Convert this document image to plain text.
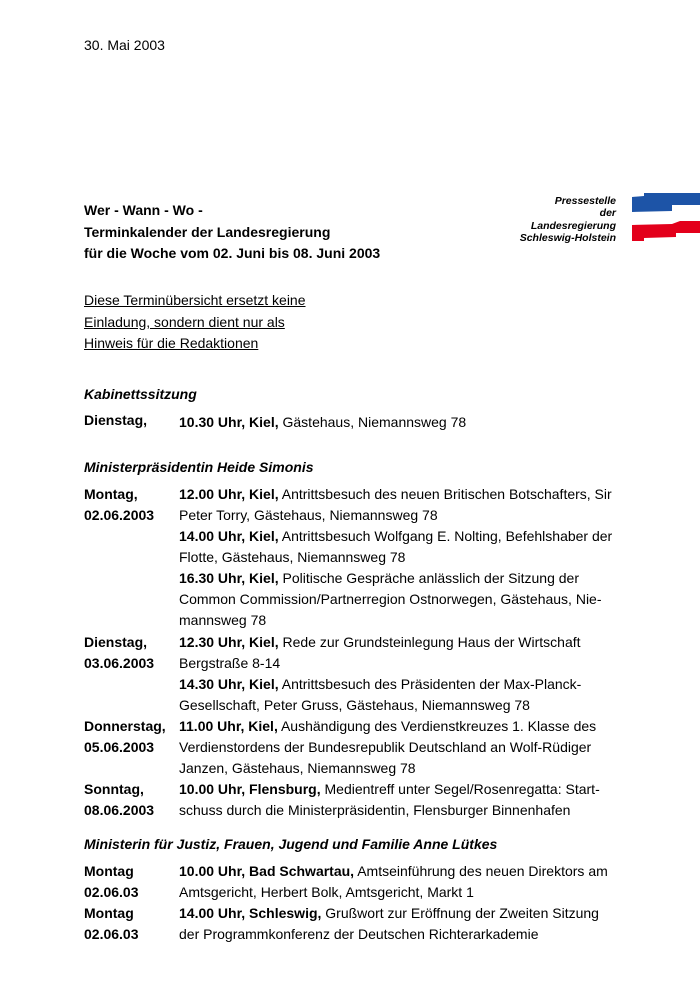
30. Mai 2003
Wer - Wann - Wo -
Terminkalender der Landesregierung
für die Woche vom 02. Juni bis 08. Juni 2003
Pressestelle
der
Landesregierung
Schleswig-Holstein
Diese Terminübersicht ersetzt keine
Einladung, sondern dient nur als
Hinweis für die Redaktionen
Kabinettssitzung
Dienstag, 10.30 Uhr, Kiel, Gästehaus, Niemannsweg 78
Ministerpräsidentin Heide Simonis
Montag,
02.06.2003
12.00 Uhr, Kiel, Antrittsbesuch des neuen Britischen Botschafters, Sir
Peter Torry, Gästehaus, Niemannsweg 78
14.00 Uhr, Kiel, Antrittsbesuch Wolfgang E. Nolting, Befehlshaber der
Flotte, Gästehaus, Niemannsweg 78
16.30 Uhr, Kiel, Politische Gespräche anlässlich der Sitzung der
Common Commission/Partnerregion Ostnorwegen, Gästehaus, Nie-
mannsweg 78
Dienstag,
03.06.2003
12.30 Uhr, Kiel, Rede zur Grundsteinlegung Haus der Wirtschaft
Bergstraße 8-14
14.30 Uhr, Kiel, Antrittsbesuch des Präsidenten der Max-Planck-
Gesellschaft, Peter Gruss, Gästehaus, Niemannsweg 78
Donnerstag,
05.06.2003
11.00 Uhr, Kiel, Aushändigung des Verdienstkreuzes 1. Klasse des
Verdienstordens der Bundesrepublik Deutschland an Wolf-Rüdiger
Janzen, Gästehaus, Niemannsweg 78
Sonntag,
08.06.2003
10.00 Uhr, Flensburg, Medientreff unter Segel/Rosenregatta: Start-
schuss durch die Ministerpräsidentin, Flensburger Binnenhafen
Ministerin für Justiz, Frauen, Jugend und Familie Anne Lütkes
Montag
02.06.03
10.00 Uhr, Bad Schwartau, Amtseinführung des neuen Direktors am
Amtsgericht, Herbert Bolk, Amtsgericht, Markt 1
Montag
02.06.03
14.00 Uhr, Schleswig, Grußwort zur Eröffnung der Zweiten Sitzung
der Programmkonferenz der Deutschen Richterarkademie
